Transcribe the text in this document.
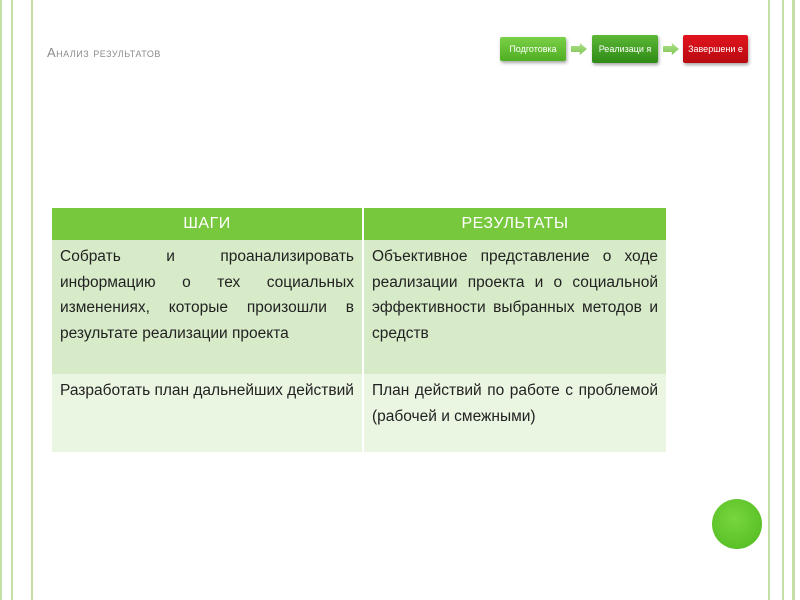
Анализ результатов	Подготовка	Реализаци я	Завершени е
ШАГИ	РЕЗУЛЬТАТЫ
Собрать и проанализировать информацию о тех социальных изменениях, которые произошли в результате реализации проекта	Объективное представление о ходе реализации проекта и о социальной эффективности выбранных методов и средств
Разработать план дальнейших действий	План действий по работе с проблемой (рабочей и смежными)
